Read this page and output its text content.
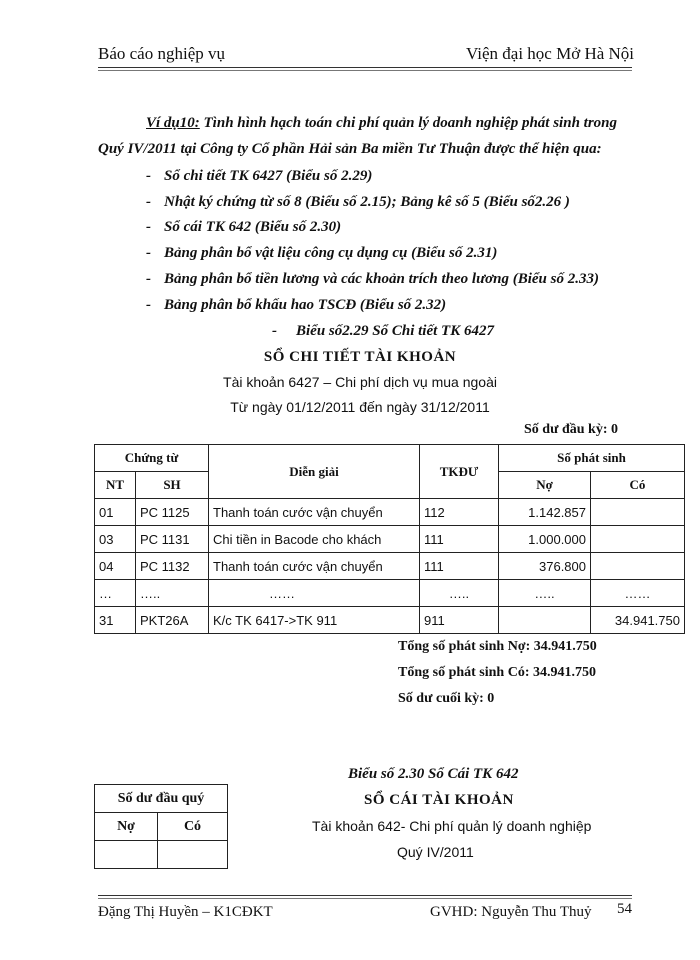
Báo cáo nghiệp vụ	Viện đại học Mở Hà Nội
Ví dụ10: Tình hình hạch toán chi phí quản lý doanh nghiệp phát sinh trong
Quý IV/2011 tại Công ty Cổ phần Hải sản Ba miền Tư Thuận được thể hiện qua:
- Sổ chi tiết TK 6427 (Biểu số 2.29)
- Nhật ký chứng từ số 8 (Biểu số 2.15); Bảng kê số 5 (Biểu số2.26 )
- Sổ cái TK 642 (Biểu số 2.30)
- Bảng phân bổ vật liệu công cụ dụng cụ (Biểu số 2.31)
- Bảng phân bổ tiền lương và các khoản trích theo lương (Biểu số 2.33)
- Bảng phân bổ khấu hao TSCĐ (Biểu số 2.32)
- Biểu số2.29 Sổ Chi tiết TK 6427
SỔ CHI TIẾT TÀI KHOẢN
Tài khoản 6427 – Chi phí dịch vụ mua ngoài
Từ ngày 01/12/2011 đến ngày 31/12/2011
Số dư đầu kỳ: 0
Chứng từ		Diễn giải	TKĐƯ	Số phát sinh	
NT	SH			Nợ	Có
01	PC 1125	Thanh toán cước vận chuyển	112	1.142.857	
03	PC 1131	Chi tiền in Bacode cho khách	111	1.000.000	
04	PC 1132	Thanh toán cước vận chuyển	111	376.800	
…	…..	……	…..	…..	……
31	PKT26A	K/c TK 6417->TK 911	911		34.941.750
Tổng số phát sinh Nợ: 34.941.750
Tổng số phát sinh Có: 34.941.750
Số dư cuối kỳ: 0
Biểu số 2.30 Sổ Cái TK 642
SỔ CÁI TÀI KHOẢN
Tài khoản 642- Chi phí quản lý doanh nghiệp
Quý IV/2011
Số dư đầu quý	
Nợ	Có

Đặng Thị Huyền – K1CĐKT	GVHD: Nguyễn Thu Thuỷ 54
